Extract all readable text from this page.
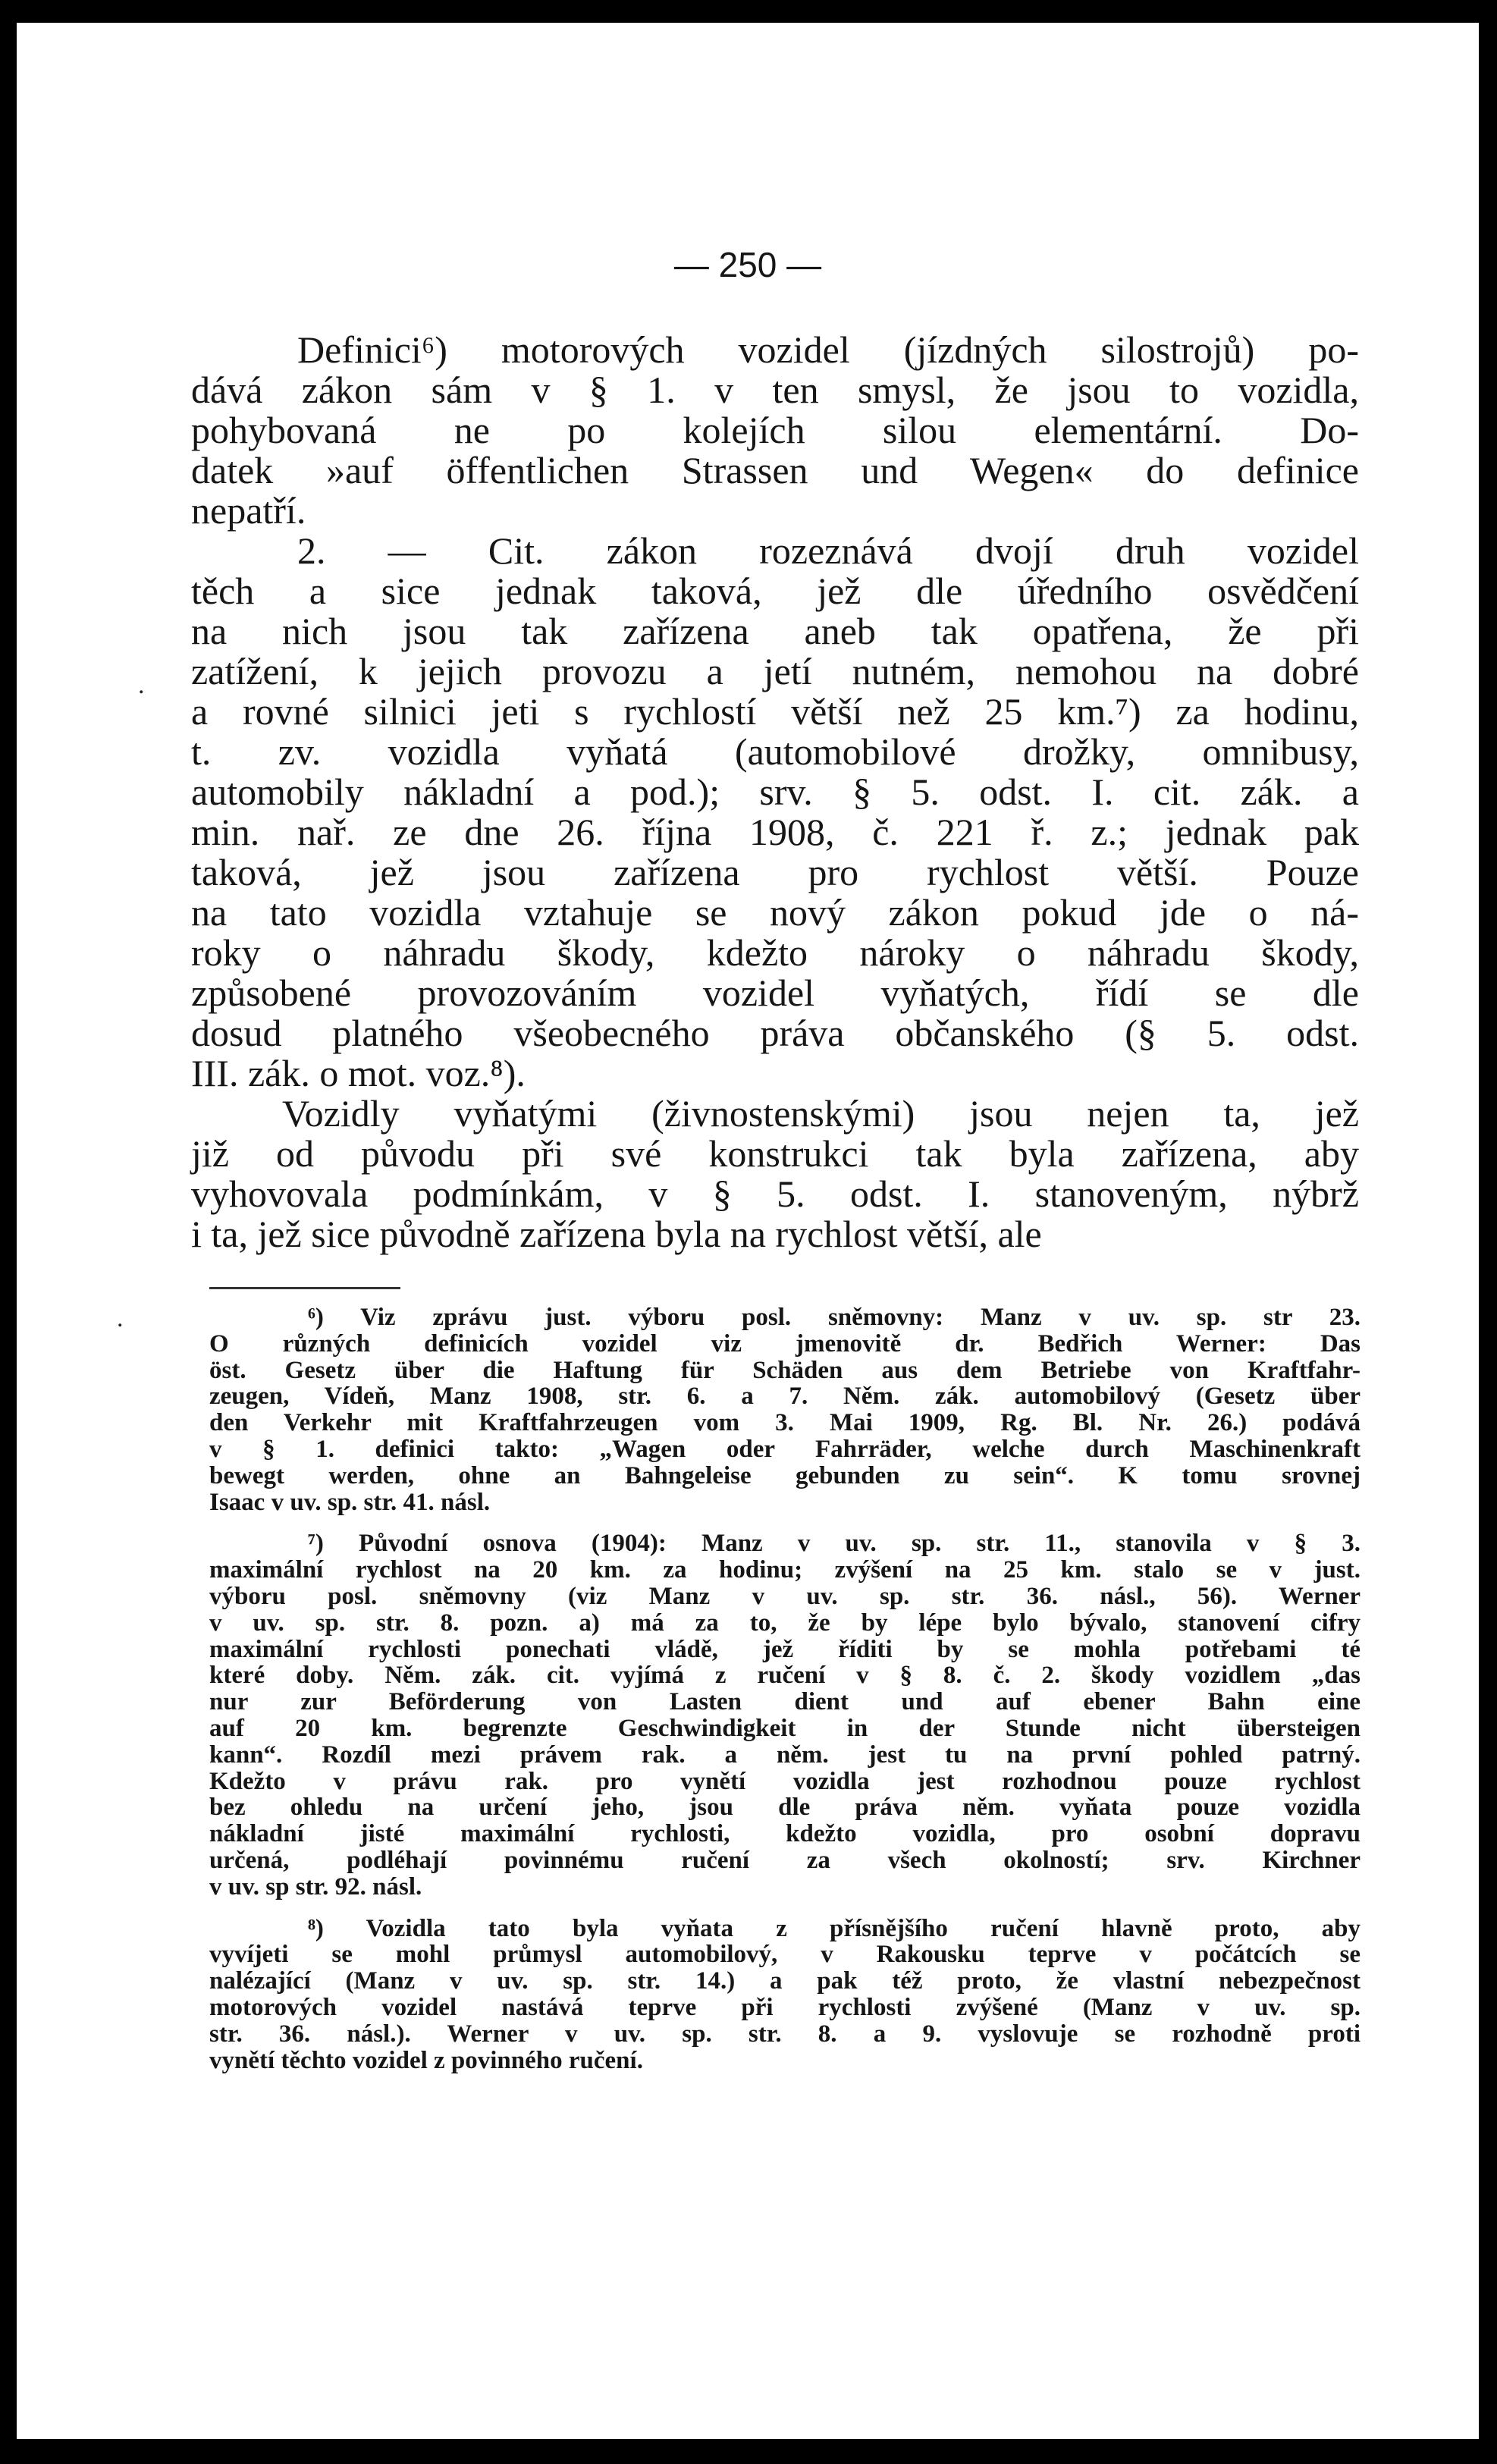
— 250 —
.
Definici⁶) motorových vozidel (jízdných silostrojů) po-
dává zákon sám v § 1. v ten smysl, že jsou to vozidla,
pohybovaná ne po kolejích silou elementární. Do-
datek »auf öffentlichen Strassen und Wegen« do definice
nepatří.
2. — Cit. zákon rozeznává dvojí druh vozidel
těch a sice jednak taková, jež dle úředního osvědčení
na nich jsou tak zařízena aneb tak opatřena, že při
zatížení, k jejich provozu a jetí nutném, nemohou na dobré
a rovné silnici jeti s rychlostí větší než 25 km.⁷) za hodinu,
t. zv. vozidla vyňatá (automobilové drožky, omnibusy,
automobily nákladní a pod.); srv. § 5. odst. I. cit. zák. a
min. nař. ze dne 26. října 1908, č. 221 ř. z.; jednak pak
taková, jež jsou zařízena pro rychlost větší. Pouze
na tato vozidla vztahuje se nový zákon pokud jde o ná-
roky o náhradu škody, kdežto nároky o náhradu škody,
způsobené provozováním vozidel vyňatých, řídí se dle
dosud platného všeobecného práva občanského (§ 5. odst.
III. zák. o mot. voz.⁸).
Vozidly vyňatými (živnostenskými) jsou nejen ta, jež
již od původu při své konstrukci tak byla zařízena, aby
vyhovovala podmínkám, v § 5. odst. I. stanoveným, nýbrž
i ta, jež sice původně zařízena byla na rychlost větší, ale
.	⁶) Viz zprávu just. výboru posl. sněmovny: Manz v uv. sp. str 23.
O různých definicích vozidel viz jmenovitě dr. Bedřich Werner: Das
öst. Gesetz über die Haftung für Schäden aus dem Betriebe von Kraftfahr-
zeugen, Vídeň, Manz 1908, str. 6. a 7. Něm. zák. automobilový (Gesetz über
den Verkehr mit Kraftfahrzeugen vom 3. Mai 1909, Rg. Bl. Nr. 26.) podává
v § 1. definici takto: „Wagen oder Fahrräder, welche durch Maschinenkraft
bewegt werden, ohne an Bahngeleise gebunden zu sein“. K tomu srovnej
Isaac v uv. sp. str. 41. násl.
⁷) Původní osnova (1904): Manz v uv. sp. str. 11., stanovila v § 3.
maximální rychlost na 20 km. za hodinu; zvýšení na 25 km. stalo se v just.
výboru posl. sněmovny (viz Manz v uv. sp. str. 36. násl., 56). Werner
v uv. sp. str. 8. pozn. a) má za to, že by lépe bylo bývalo, stanovení cifry
maximální rychlosti ponechati vládě, jež říditi by se mohla potřebami té
které doby. Něm. zák. cit. vyjímá z ručení v § 8. č. 2. škody vozidlem „das
nur zur Beförderung von Lasten dient und auf ebener Bahn eine
auf 20 km. begrenzte Geschwindigkeit in der Stunde nicht übersteigen
kann“. Rozdíl mezi právem rak. a něm. jest tu na první pohled patrný.
Kdežto v právu rak. pro vynětí vozidla jest rozhodnou pouze rychlost
bez ohledu na určení jeho, jsou dle práva něm. vyňata pouze vozidla
nákladní jisté maximální rychlosti, kdežto vozidla, pro osobní dopravu
určená, podléhají povinnému ručení za všech okolností; srv. Kirchner
v uv. sp str. 92. násl.
⁸) Vozidla tato byla vyňata z přísnějšího ručení hlavně proto, aby
vyvíjeti se mohl průmysl automobilový, v Rakousku teprve v počátcích se
nalézající (Manz v uv. sp. str. 14.) a pak též proto, že vlastní nebezpečnost
motorových vozidel nastává teprve při rychlosti zvýšené (Manz v uv. sp.
str. 36. násl.). Werner v uv. sp. str. 8. a 9. vyslovuje se rozhodně proti
vynětí těchto vozidel z povinného ručení.
